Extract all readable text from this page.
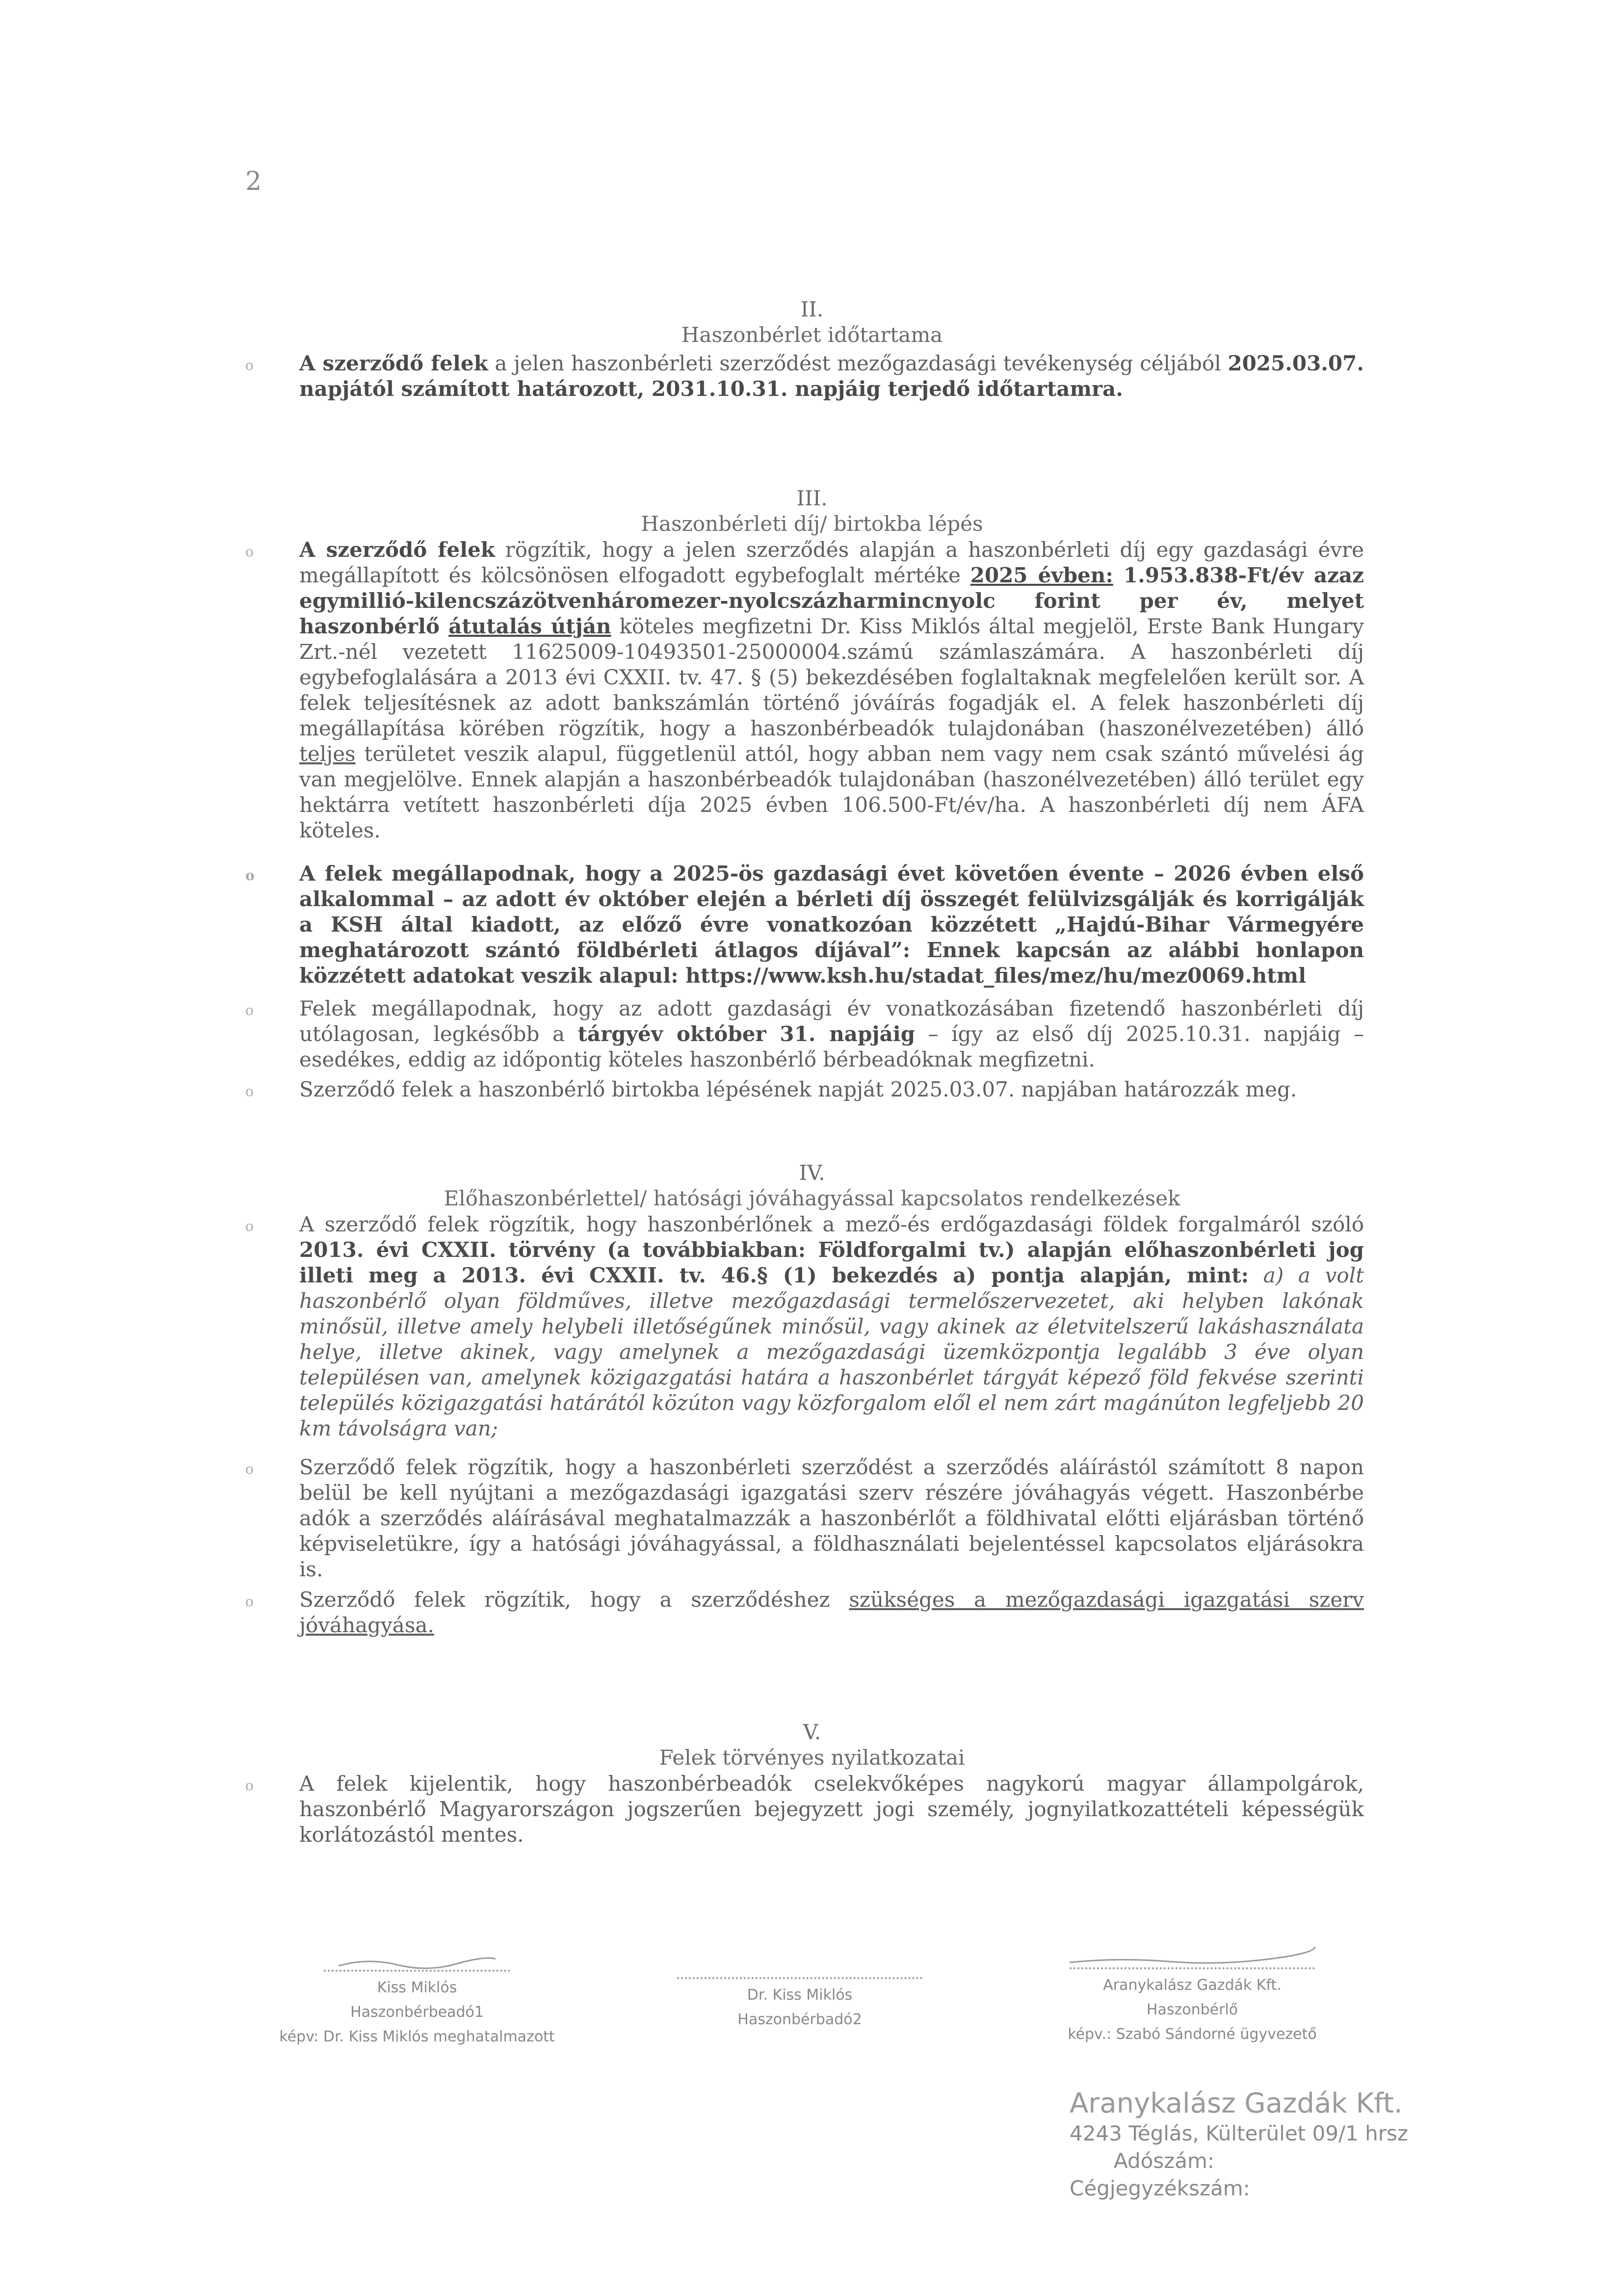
2
II.
Haszonbérlet időtartama
o A szerződő felek a jelen haszonbérleti szerződést mezőgazdasági tevékenység céljából 2025.03.07. napjától számított határozott, 2031.10.31. napjáig terjedő időtartamra.
III.
Haszonbérleti díj/ birtokba lépés
o A szerződő felek rögzítik, hogy a jelen szerződés alapján a haszonbérleti díj egy gazdasági évre megállapított és kölcsönösen elfogadott egybefoglalt mértéke 2025 évben: 1.953.838-Ft/év azaz egymillió-kilencszázötvenháromezer-nyolcszázharmincnyolc forint per év, melyet haszonbérlő átutalás útján köteles megfizetni Dr. Kiss Miklós által megjelöl, Erste Bank Hungary Zrt.-nél vezetett 11625009-10493501-25000004.számú számlaszámára. A haszonbérleti díj egybefoglalására a 2013 évi CXXII. tv. 47. § (5) bekezdésében foglaltaknak megfelelően került sor. A felek teljesítésnek az adott bankszámlán történő jóváírás fogadják el. A felek haszonbérleti díj megállapítása körében rögzítik, hogy a haszonbérbeadók tulajdonában (haszonélvezetében) álló teljes területet veszik alapul, függetlenül attól, hogy abban nem vagy nem csak szántó művelési ág van megjelölve. Ennek alapján a haszonbérbeadók tulajdonában (haszonélvezetében) álló terület egy hektárra vetített haszonbérleti díja 2025 évben 106.500-Ft/év/ha. A haszonbérleti díj nem ÁFA köteles.
o A felek megállapodnak, hogy a 2025-ös gazdasági évet követően évente – 2026 évben első alkalommal – az adott év október elején a bérleti díj összegét felülvizsgálják és korrigálják a KSH által kiadott, az előző évre vonatkozóan közzétett „Hajdú-Bihar Vármegyére meghatározott szántó földbérleti átlagos díjával”: Ennek kapcsán az alábbi honlapon közzétett adatokat veszik alapul: https://www.ksh.hu/stadat_files/mez/hu/mez0069.html
o Felek megállapodnak, hogy az adott gazdasági év vonatkozásában fizetendő haszonbérleti díj utólagosan, legkésőbb a tárgyév október 31. napjáig – így az első díj 2025.10.31. napjáig – esedékes, eddig az időpontig köteles haszonbérlő bérbeadóknak megfizetni.
o Szerződő felek a haszonbérlő birtokba lépésének napját 2025.03.07. napjában határozzák meg.
IV.
Előhaszonbérlettel/ hatósági jóváhagyással kapcsolatos rendelkezések
o A szerződő felek rögzítik, hogy haszonbérlőnek a mező-és erdőgazdasági földek forgalmáról szóló 2013. évi CXXII. törvény (a továbbiakban: Földforgalmi tv.) alapján előhaszonbérleti jog illeti meg a 2013. évi CXXII. tv. 46.§ (1) bekezdés a) pontja alapján, mint: a) a volt haszonbérlő olyan földműves, illetve mezőgazdasági termelőszervezetet, aki helyben lakónak minősül, illetve amely helybeli illetőségűnek minősül, vagy akinek az életvitelszerű lakáshasználata helye, illetve akinek, vagy amelynek a mezőgazdasági üzemközpontja legalább 3 éve olyan településen van, amelynek közigazgatási határa a haszonbérlet tárgyát képező föld fekvése szerinti település közigazgatási határától közúton vagy közforgalom elől el nem zárt magánúton legfeljebb 20 km távolságra van;
o Szerződő felek rögzítik, hogy a haszonbérleti szerződést a szerződés aláírástól számított 8 napon belül be kell nyújtani a mezőgazdasági igazgatási szerv részére jóváhagyás végett. Haszonbérbe adók a szerződés aláírásával meghatalmazzák a haszonbérlőt a földhivatal előtti eljárásban történő képviseletükre, így a hatósági jóváhagyással, a földhasználati bejelentéssel kapcsolatos eljárásokra is.
o Szerződő felek rögzítik, hogy a szerződéshez szükséges a mezőgazdasági igazgatási szerv jóváhagyása.
V.
Felek törvényes nyilatkozatai
o A felek kijelentik, hogy haszonbérbeadók cselekvőképes nagykorú magyar állampolgárok, haszonbérlő Magyarországon jogszerűen bejegyzett jogi személy, jognyilatkozattételi képességük korlátozástól mentes.
Kiss Miklós
Haszonbérbeadó1
képv: Dr. Kiss Miklós meghatalmazott
Dr. Kiss Miklós
Haszonbérbadó2
Aranykalász Gazdák Kft.
Haszonbérlő
képv.: Szabó Sándorné ügyvezető
Aranykalász Gazdák Kft.
4243 Téglás, Külterület 09/1 hrsz
Adószám:
Cégjegyzékszám:
